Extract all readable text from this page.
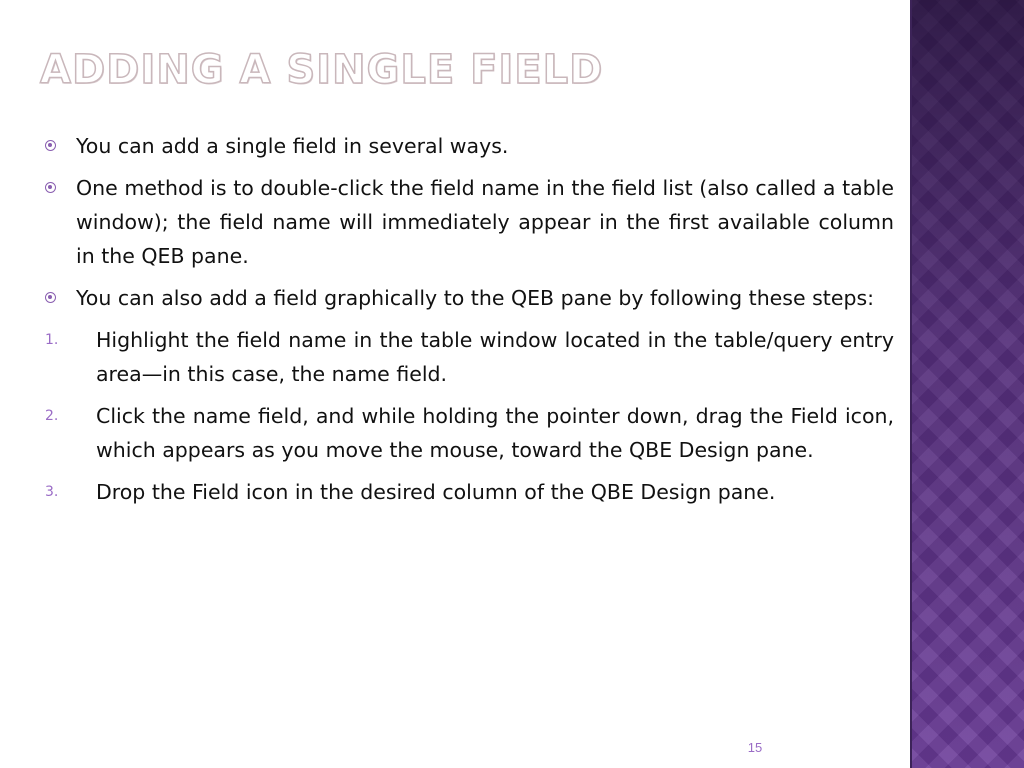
ADDING A SINGLE FIELD
You can add a single field in several ways.
One method is to double-click the field name in the field list (also called a table window); the field name will immediately appear in the first available column in the QEB pane.
You can also add a field graphically to the QEB pane by following these steps:
1. Highlight the field name in the table window located in the table/query entry area—in this case, the name field.
2. Click the name field, and while holding the pointer down, drag the Field icon, which appears as you move the mouse, toward the QBE Design pane.
3. Drop the Field icon in the desired column of the QBE Design pane.
15
